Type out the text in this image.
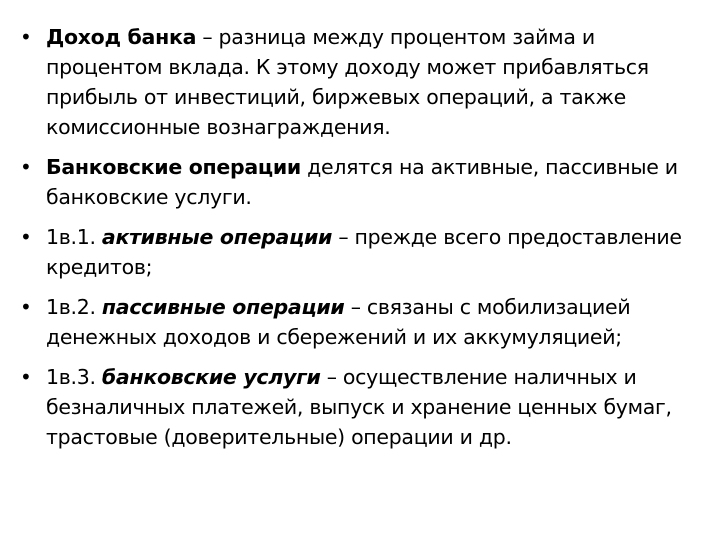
• Доход банка – разница между процентом займа и процентом вклада. К этому доходу может прибавляться прибыль от инвестиций, биржевых операций, а также комиссионные вознаграждения.
• Банковские операции делятся на активные, пассивные и банковские услуги.
• 1в.1. активные операции – прежде всего предоставление кредитов;
• 1в.2. пассивные операции – связаны с мобилизацией денежных доходов и сбережений и их аккумуляцией;
• 1в.3. банковские услуги – осуществление наличных и безналичных платежей, выпуск и хранение ценных бумаг, трастовые (доверительные) операции и др.
